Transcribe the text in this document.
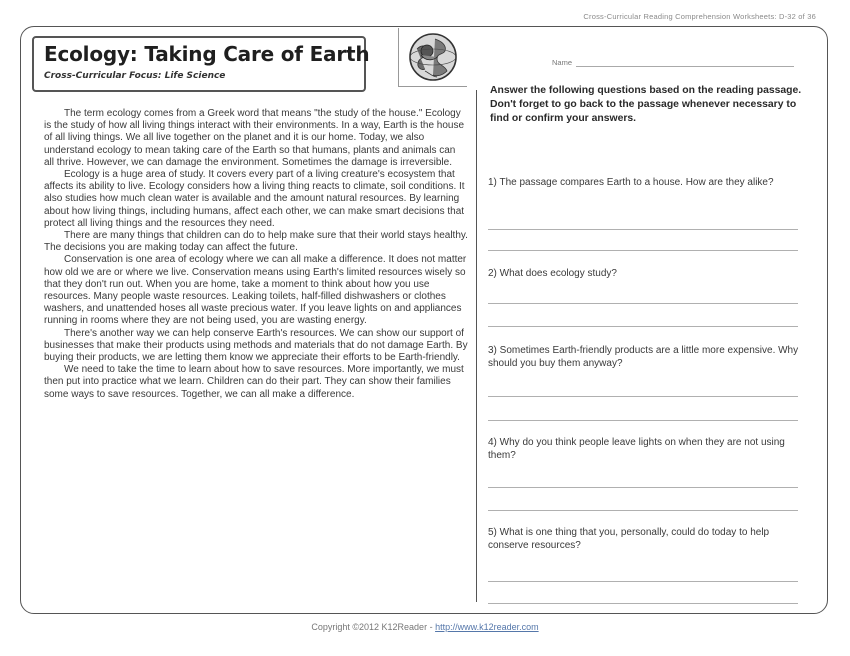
Cross-Curricular Reading Comprehension Worksheets: D-32 of 36
Ecology: Taking Care of Earth
Cross-Curricular Focus: Life Science
Name

The term ecology comes from a Greek word that means "the study of the house." Ecology is the study of how all living things interact with their environments. In a way, Earth is the house of all living things. We all live together on the planet and it is our home. Today, we also understand ecology to mean taking care of the Earth so that humans, plants and animals can all thrive. However, we can damage the environment. Sometimes the damage is irreversible.

Ecology is a huge area of study. It covers every part of a living creature's ecosystem that affects its ability to live. Ecology considers how a living thing reacts to climate, soil conditions. It also studies how much clean water is available and the amount natural resources. By learning about how living things, including humans, affect each other, we can make smart decisions that protect all living things and the resources they need.

There are many things that children can do to help make sure that their world stays healthy. The decisions you are making today can affect the future.

Conservation is one area of ecology where we can all make a difference. It does not matter how old we are or where we live. Conservation means using Earth's limited resources wisely so that they don't run out. When you are home, take a moment to think about how you use resources. Many people waste resources. Leaking toilets, half-filled dishwashers or clothes washers, and unattended hoses all waste precious water. If you leave lights on and appliances running in rooms where they are not being used, you are wasting energy.

There's another way we can help conserve Earth's resources. We can show our support of businesses that make their products using methods and materials that do not damage Earth. By buying their products, we are letting them know we appreciate their efforts to be Earth-friendly.

We need to take the time to learn about how to save resources. More importantly, we must then put into practice what we learn. Children can do their part. They can show their families some ways to save resources. Together, we can all make a difference.

Answer the following questions based on the reading passage. Don't forget to go back to the passage whenever necessary to find or confirm your answers.
1) The passage compares Earth to a house. How are they alike?
2) What does ecology study?
3) Sometimes Earth-friendly products are a little more expensive. Why should you buy them anyway?
4) Why do you think people leave lights on when they are not using them?
5) What is one thing that you, personally, could do today to help conserve resources?
Copyright ©2012 K12Reader - http://www.k12reader.com
